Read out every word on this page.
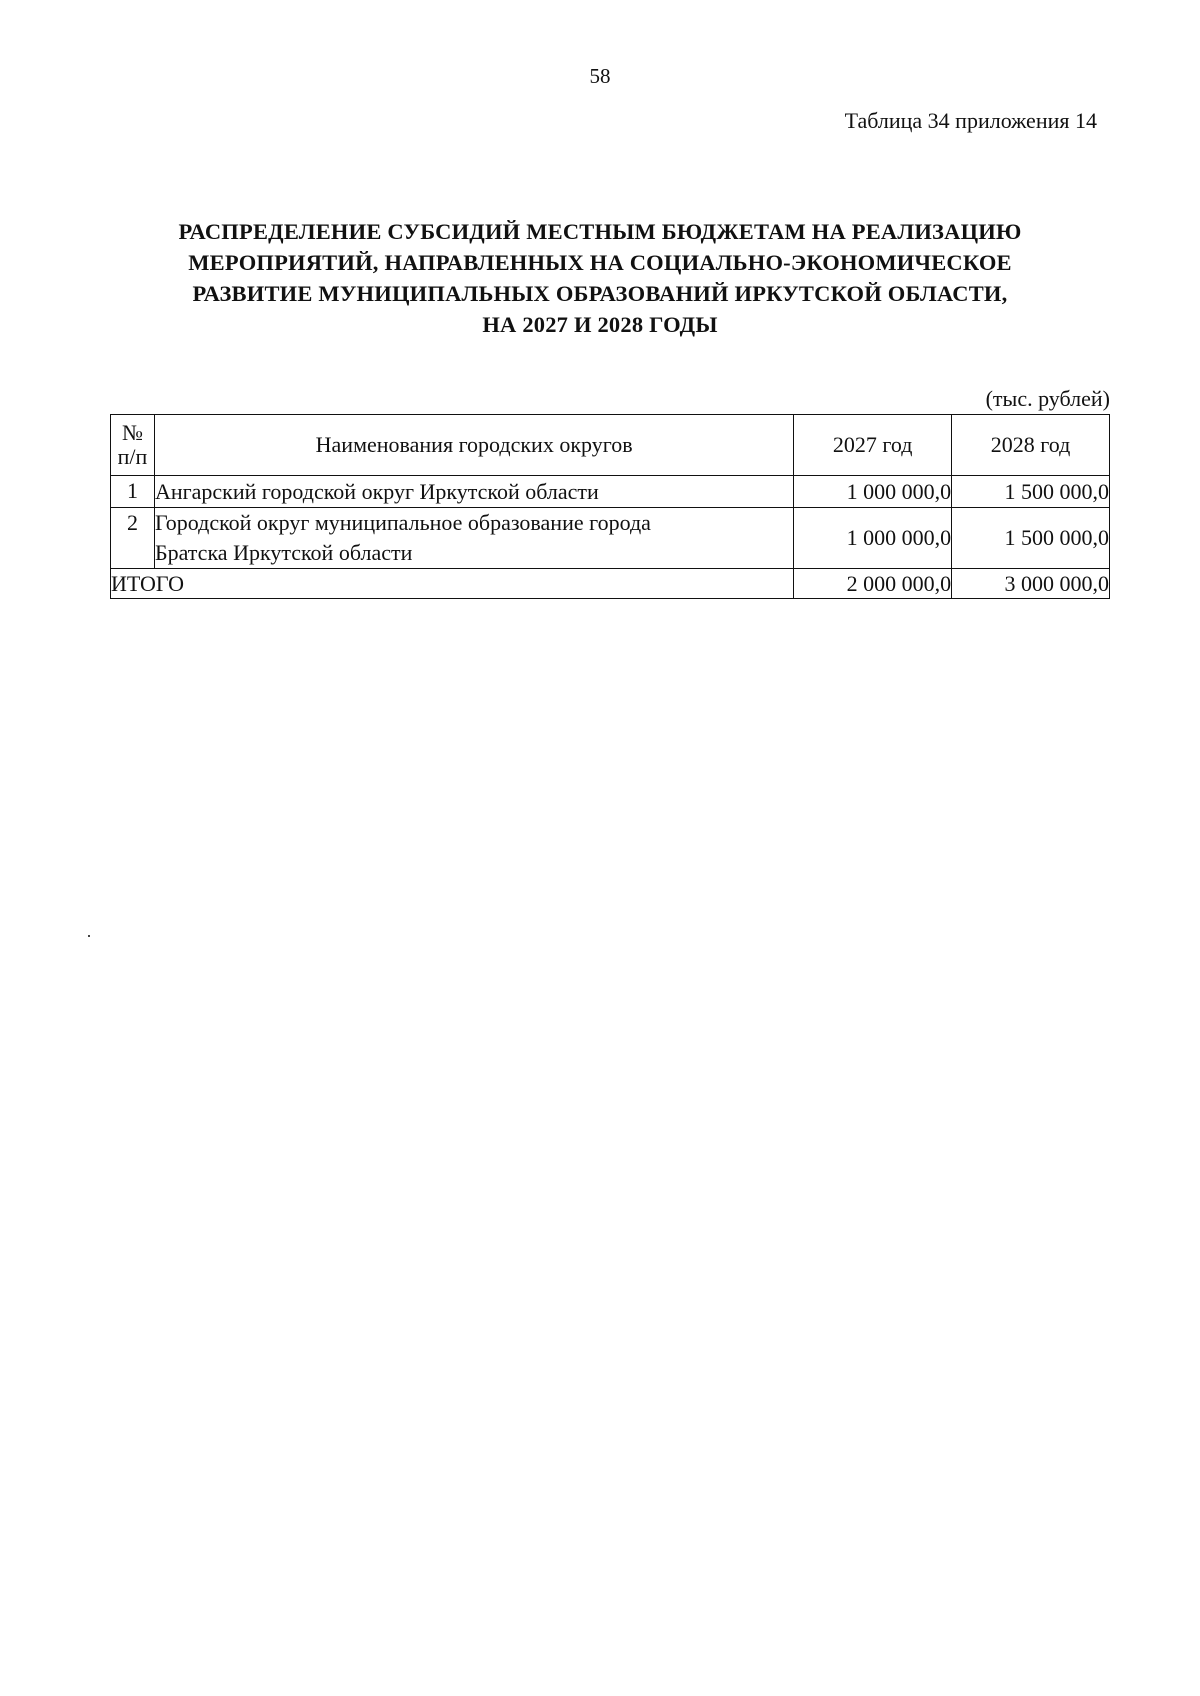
58
Таблица 34 приложения 14
РАСПРЕДЕЛЕНИЕ СУБСИДИЙ МЕСТНЫМ БЮДЖЕТАМ НА РЕАЛИЗАЦИЮ
МЕРОПРИЯТИЙ, НАПРАВЛЕННЫХ НА СОЦИАЛЬНО-ЭКОНОМИЧЕСКОЕ
РАЗВИТИЕ МУНИЦИПАЛЬНЫХ ОБРАЗОВАНИЙ ИРКУТСКОЙ ОБЛАСТИ,
НА 2027 И 2028 ГОДЫ
(тыс. рублей)
№
п/п	Наименования городских округов	2027 год	2028 год
1	Ангарский городской округ Иркутской области	1 000 000,0	1 500 000,0
2	Городской округ муниципальное образование города
Братска Иркутской области	1 000 000,0	1 500 000,0
ИТОГО		2 000 000,0	3 000 000,0
